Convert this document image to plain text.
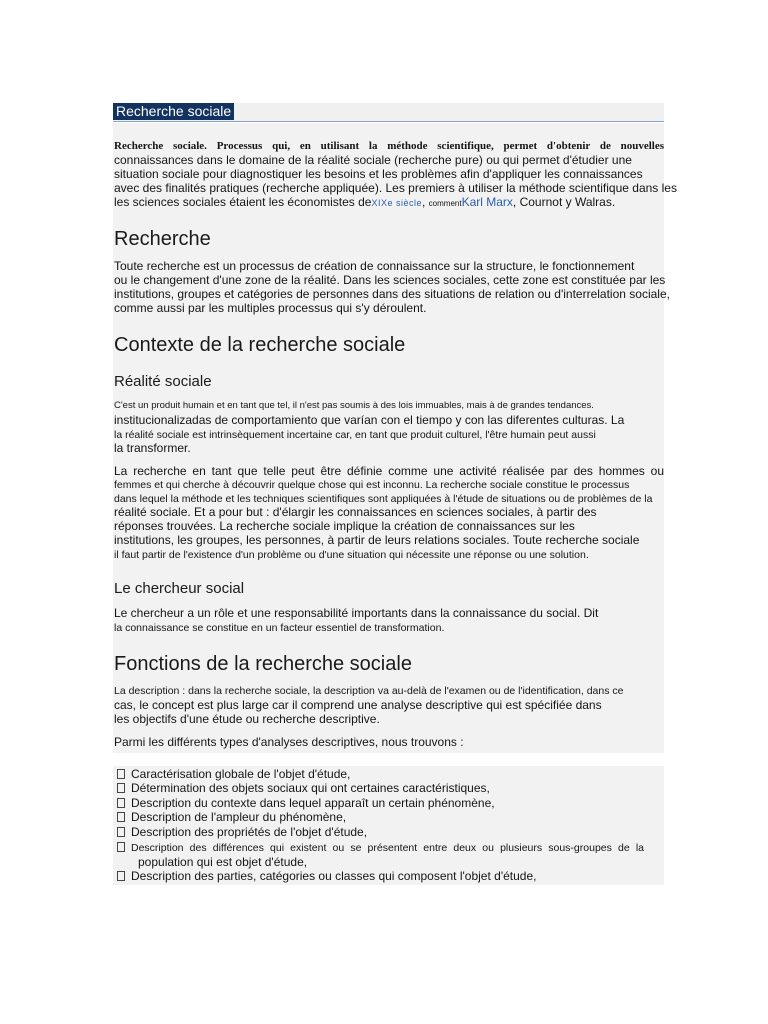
Recherche sociale
Recherche sociale. Processus qui, en utilisant la méthode scientifique, permet d'obtenir de nouvelles
connaissances dans le domaine de la réalité sociale (recherche pure) ou qui permet d'étudier une
situation sociale pour diagnostiquer les besoins et les problèmes afin d'appliquer les connaissances
avec des finalités pratiques (recherche appliquée). Les premiers à utiliser la méthode scientifique dans les
les sciences sociales étaient les économistes deXIXe siècle, commentKarl Marx, Cournot y Walras.
Recherche
Toute recherche est un processus de création de connaissance sur la structure, le fonctionnement
ou le changement d'une zone de la réalité. Dans les sciences sociales, cette zone est constituée par les
institutions, groupes et catégories de personnes dans des situations de relation ou d'interrelation sociale,
comme aussi par les multiples processus qui s'y déroulent.
Contexte de la recherche sociale
Réalité sociale
C'est un produit humain et en tant que tel, il n'est pas soumis à des lois immuables, mais à de grandes tendances.
institucionalizadas de comportamiento que varían con el tiempo y con las diferentes culturas. La
la réalité sociale est intrinsèquement incertaine car, en tant que produit culturel, l'être humain peut aussi
la transformer.
La recherche en tant que telle peut être définie comme une activité réalisée par des hommes ou
femmes et qui cherche à découvrir quelque chose qui est inconnu. La recherche sociale constitue le processus
dans lequel la méthode et les techniques scientifiques sont appliquées à l'étude de situations ou de problèmes de la
réalité sociale. Et a pour but : d'élargir les connaissances en sciences sociales, à partir des
réponses trouvées. La recherche sociale implique la création de connaissances sur les
institutions, les groupes, les personnes, à partir de leurs relations sociales. Toute recherche sociale
il faut partir de l'existence d'un problème ou d'une situation qui nécessite une réponse ou une solution.
Le chercheur social
Le chercheur a un rôle et une responsabilité importants dans la connaissance du social. Dit
la connaissance se constitue en un facteur essentiel de transformation.
Fonctions de la recherche sociale
La description : dans la recherche sociale, la description va au-delà de l'examen ou de l'identification, dans ce
cas, le concept est plus large car il comprend une analyse descriptive qui est spécifiée dans
les objectifs d'une étude ou recherche descriptive.
Parmi les différents types d'analyses descriptives, nous trouvons :
Caractérisation globale de l'objet d'étude,
Détermination des objets sociaux qui ont certaines caractéristiques,
Description du contexte dans lequel apparaît un certain phénomène,
Description de l'ampleur du phénomène,
Description des propriétés de l'objet d'étude,
Description des différences qui existent ou se présentent entre deux ou plusieurs sous-groupes de la
population qui est objet d'étude,
Description des parties, catégories ou classes qui composent l'objet d'étude,
